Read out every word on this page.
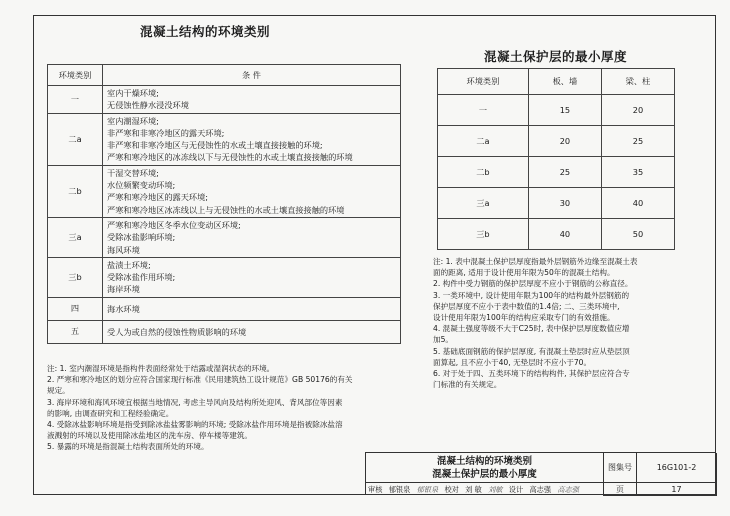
混凝土结构的环境类别
环境类别	条 件
一	室内干燥环境;
无侵蚀性静水浸没环境

二a	室内潮湿环境;
非严寒和非寒冷地区的露天环境;
非严寒和非寒冷地区与无侵蚀性的水或土壤直接接触的环境;
严寒和寒冷地区的冰冻线以下与无侵蚀性的水或土壤直接接触的环境

二b	干湿交替环境;
水位频繁变动环境;
严寒和寒冷地区的露天环境;
严寒和寒冷地区冰冻线以上与无侵蚀性的水或土壤直接接触的环境

三a	严寒和寒冷地区冬季水位变动区环境;
受除冰盐影响环境;
海风环境

三b	盐渍土环境;
受除冰盐作用环境;
海岸环境

四	海水环境

五	受人为或自然的侵蚀性物质影响的环境
注: 1. 室内潮湿环境是指构件表面经常处于结露或湿润状态的环境。
2. 严寒和寒冷地区的划分应符合国家现行标准《民用建筑热工设计规范》GB 50176的有关
规定。
3. 海岸环境和海风环境宜根据当地情况, 考虑主导风向及结构所处迎风、背风部位等因素
的影响, 由调查研究和工程经验确定。
4. 受除冰盐影响环境是指受到除冰盐盐雾影响的环境; 受除冰盐作用环境是指被除冰盐溶
液溅射的环境以及使用除冰盐地区的洗车房、停车楼等建筑。
5. 暴露的环境是指混凝土结构表面所处的环境。
混凝土保护层的最小厚度
环境类别	板、墙	梁、柱
一	15	20
二a	20	25
二b	25	35
三a	30	40
三b	40	50
注: 1. 表中混凝土保护层厚度指最外层钢筋外边缘至混凝土表
面的距离, 适用于设计使用年限为50年的混凝土结构。
2. 构件中受力钢筋的保护层厚度不应小于钢筋的公称直径。
3. 一类环境中, 设计使用年限为100年的结构最外层钢筋的
保护层厚度不应小于表中数值的1.4倍; 二、三类环境中,
设计使用年限为100年的结构应采取专门的有效措施。
4. 混凝土强度等级不大于C25时, 表中保护层厚度数值应增
加5。
5. 基础底面钢筋的保护层厚度, 有混凝土垫层时应从垫层顶
面算起, 且不应小于40, 无垫层时不应小于70。
6. 对于处于四、五类环境下的结构构件, 其保护层应符合专
门标准的有关规定。
混凝土结构的环境类别
混凝土保护层的最小厚度
图集号	16G101-2
页	17
审核 郁银泉 郁银泉 校对 刘 敏 刘敏 设计 高志强 高志强
